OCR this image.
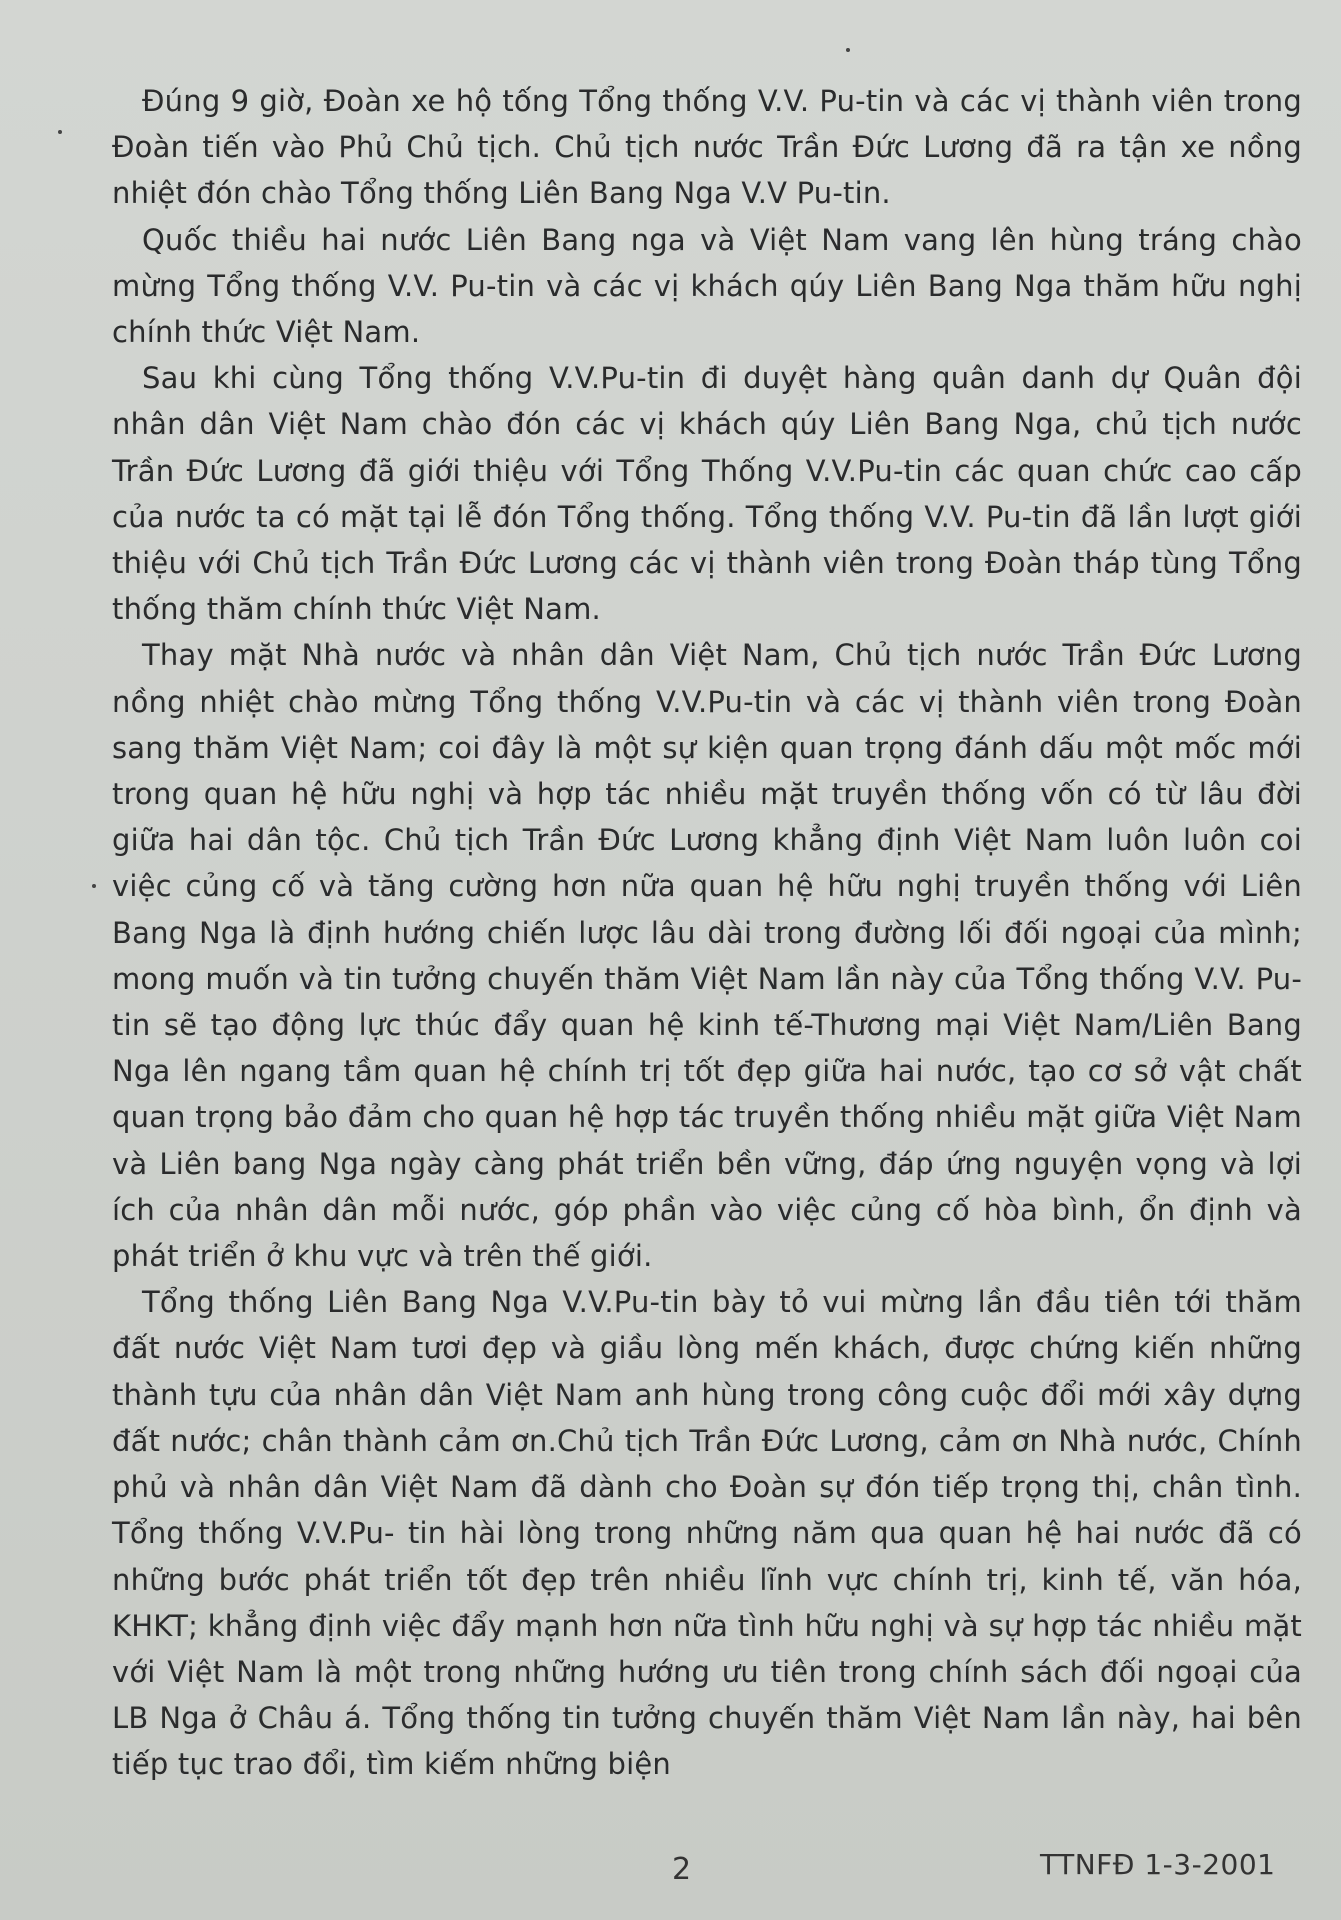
Đúng 9 giờ, Đoàn xe hộ tống Tổng thống V.V. Pu-tin và các vị thành viên trong Đoàn tiến vào Phủ Chủ tịch. Chủ tịch nước Trần Đức Lương đã ra tận xe nồng nhiệt đón chào Tổng thống Liên Bang Nga V.V Pu-tin.

Quốc thiều hai nước Liên Bang nga và Việt Nam vang lên hùng tráng chào mừng Tổng thống V.V. Pu-tin và các vị khách qúy Liên Bang Nga thăm hữu nghị chính thức Việt Nam.

Sau khi cùng Tổng thống V.V.Pu-tin đi duyệt hàng quân danh dự Quân đội nhân dân Việt Nam chào đón các vị khách qúy Liên Bang Nga, chủ tịch nước Trần Đức Lương đã giới thiệu với Tổng Thống V.V.Pu-tin các quan chức cao cấp của nước ta có mặt tại lễ đón Tổng thống. Tổng thống V.V. Pu-tin đã lần lượt giới thiệu với Chủ tịch Trần Đức Lương các vị thành viên trong Đoàn tháp tùng Tổng thống thăm chính thức Việt Nam.

Thay mặt Nhà nước và nhân dân Việt Nam, Chủ tịch nước Trần Đức Lương nồng nhiệt chào mừng Tổng thống V.V.Pu-tin và các vị thành viên trong Đoàn sang thăm Việt Nam; coi đây là một sự kiện quan trọng đánh dấu một mốc mới trong quan hệ hữu nghị và hợp tác nhiều mặt truyền thống vốn có từ lâu đời giữa hai dân tộc. Chủ tịch Trần Đức Lương khẳng định Việt Nam luôn luôn coi việc củng cố và tăng cường hơn nữa quan hệ hữu nghị truyền thống với Liên Bang Nga là định hướng chiến lược lâu dài trong đường lối đối ngoại của mình; mong muốn và tin tưởng chuyến thăm Việt Nam lần này của Tổng thống V.V. Pu-tin sẽ tạo động lực thúc đẩy quan hệ kinh tế-Thương mại Việt Nam/Liên Bang Nga lên ngang tầm quan hệ chính trị tốt đẹp giữa hai nước, tạo cơ sở vật chất quan trọng bảo đảm cho quan hệ hợp tác truyền thống nhiều mặt giữa Việt Nam và Liên bang Nga ngày càng phát triển bền vững, đáp ứng nguyện vọng và lợi ích của nhân dân mỗi nước, góp phần vào việc củng cố hòa bình, ổn định và phát triển ở khu vực và trên thế giới.

Tổng thống Liên Bang Nga V.V.Pu-tin bày tỏ vui mừng lần đầu tiên tới thăm đất nước Việt Nam tươi đẹp và giầu lòng mến khách, được chứng kiến những thành tựu của nhân dân Việt Nam anh hùng trong công cuộc đổi mới xây dựng đất nước; chân thành cảm ơn.Chủ tịch Trần Đức Lương, cảm ơn Nhà nước, Chính phủ và nhân dân Việt Nam đã dành cho Đoàn sự đón tiếp trọng thị, chân tình. Tổng thống V.V.Pu- tin hài lòng trong những năm qua quan hệ hai nước đã có những bước phát triển tốt đẹp trên nhiều lĩnh vực chính trị, kinh tế, văn hóa, KHKT; khẳng định việc đẩy mạnh hơn nữa tình hữu nghị và sự hợp tác nhiều mặt với Việt Nam là một trong những hướng ưu tiên trong chính sách đối ngoại của LB Nga ở Châu á. Tổng thống tin tưởng chuyến thăm Việt Nam lần này, hai bên tiếp tục trao đổi, tìm kiếm những biện

2	TTNFĐ 1-3-2001
